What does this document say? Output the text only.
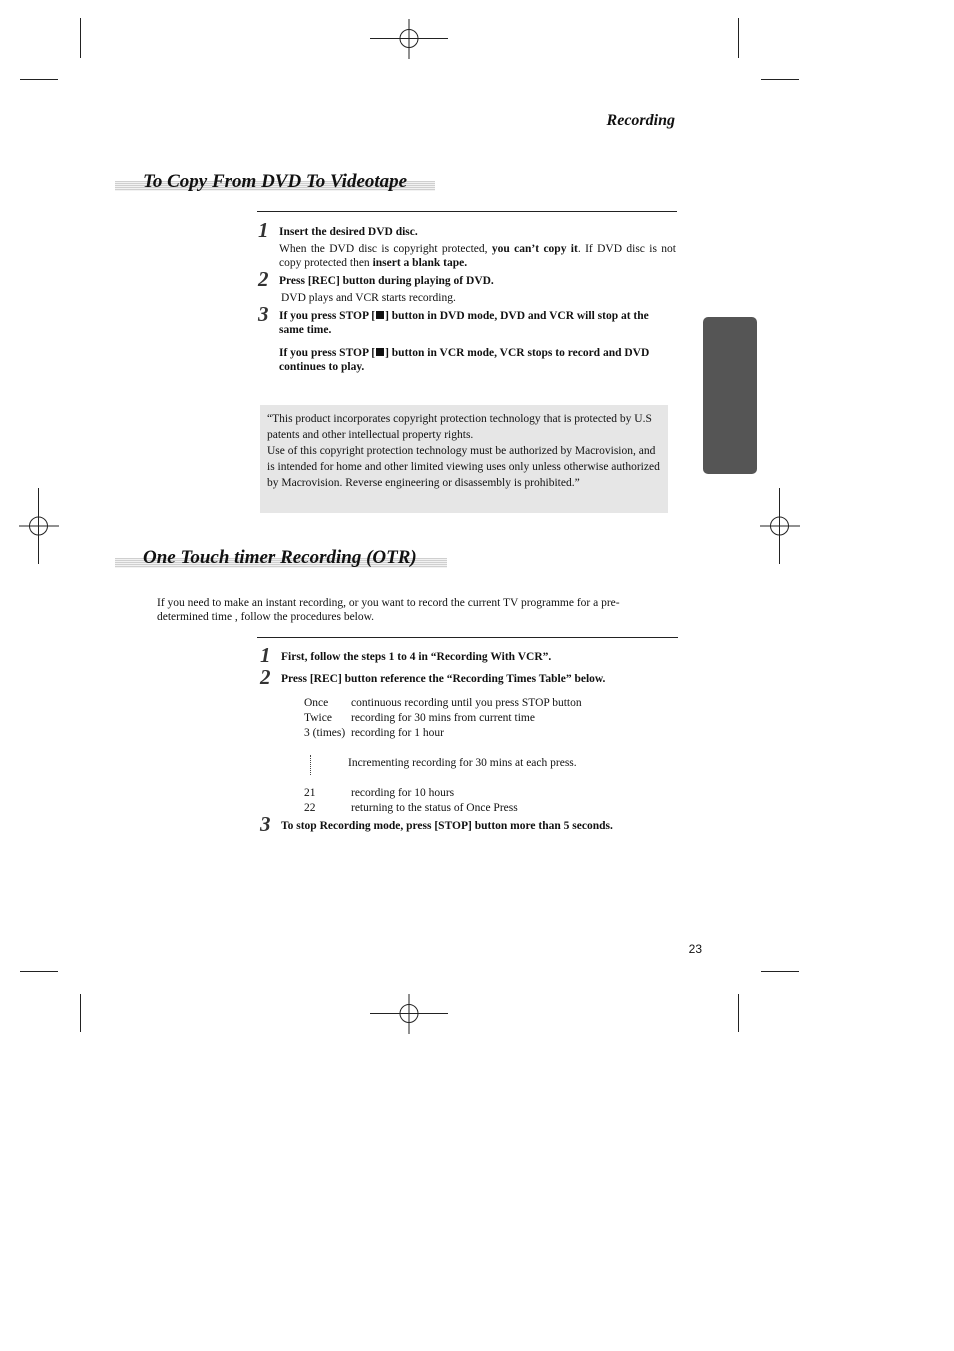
Recording
To Copy From DVD To Videotape
1 Insert the desired DVD disc.
When the DVD disc is copyright protected, you can’t copy it. If DVD disc is not copy protected then insert a blank tape.
2 Press [REC] button during playing of DVD.
DVD plays and VCR starts recording.
3 If you press STOP [ ] button in DVD mode, DVD and VCR will stop at the same time.
If you press STOP [ ] button in VCR mode, VCR stops to record and DVD continues to play.
“This product incorporates copyright protection technology that is protected by U.S patents and other intellectual property rights.
Use of this copyright protection technology must be authorized by Macrovision, and is intended for home and other limited viewing uses only unless otherwise authorized by Macrovision. Reverse engineering or disassembly is prohibited.”
One Touch timer Recording (OTR)
If you need to make an instant recording, or you want to record the current TV programme for a pre-determined time , follow the procedures below.
1 First, follow the steps 1 to 4 in “Recording With VCR”.
2 Press [REC] button reference the “Recording Times Table” below.
Once continuous recording until you press STOP button
Twice recording for 30 mins from current time
3 (times) recording for 1 hour
Incrementing recording for 30 mins at each press.
21	recording for 10 hours
22	returning to the status of Once Press
3 To stop Recording mode, press [STOP] button more than 5 seconds.
23
